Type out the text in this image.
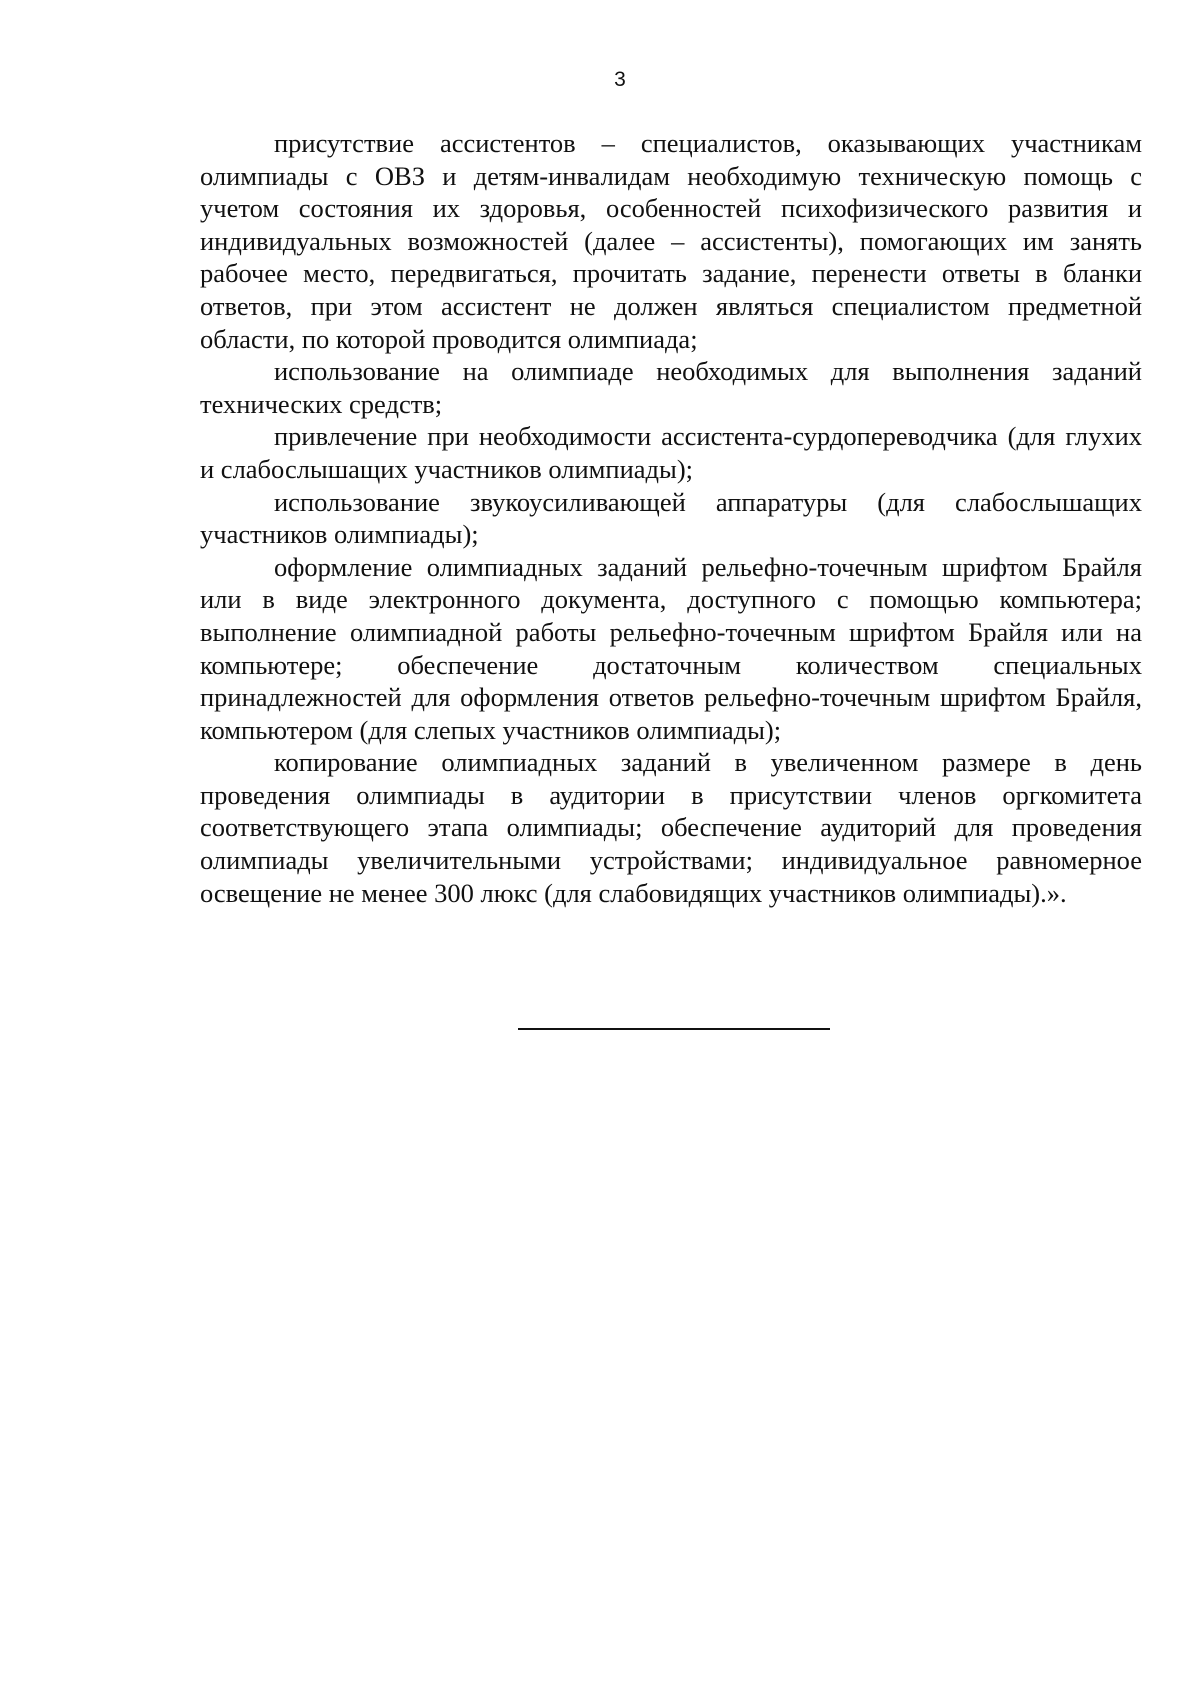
3

присутствие ассистентов – специалистов, оказывающих участникам олимпиады с ОВЗ и детям-инвалидам необходимую техническую помощь с учетом состояния их здоровья, особенностей психофизического развития и индивидуальных возможностей (далее – ассистенты), помогающих им занять рабочее место, передвигаться, прочитать задание, перенести ответы в бланки ответов, при этом ассистент не должен являться специалистом предметной области, по которой проводится олимпиада;

использование на олимпиаде необходимых для выполнения заданий технических средств;

привлечение при необходимости ассистента-сурдопереводчика (для глухих и слабослышащих участников олимпиады);

использование звукоусиливающей аппаратуры (для слабослышащих участников олимпиады);

оформление олимпиадных заданий рельефно-точечным шрифтом Брайля или в виде электронного документа, доступного с помощью компьютера; выполнение олимпиадной работы рельефно-точечным шрифтом Брайля или на компьютере; обеспечение достаточным количеством специальных принадлежностей для оформления ответов рельефно-точечным шрифтом Брайля, компьютером (для слепых участников олимпиады);

копирование олимпиадных заданий в увеличенном размере в день проведения олимпиады в аудитории в присутствии членов оргкомитета соответствующего этапа олимпиады; обеспечение аудиторий для проведения олимпиады увеличительными устройствами; индивидуальное равномерное освещение не менее 300 люкс (для слабовидящих участников олимпиады).».
